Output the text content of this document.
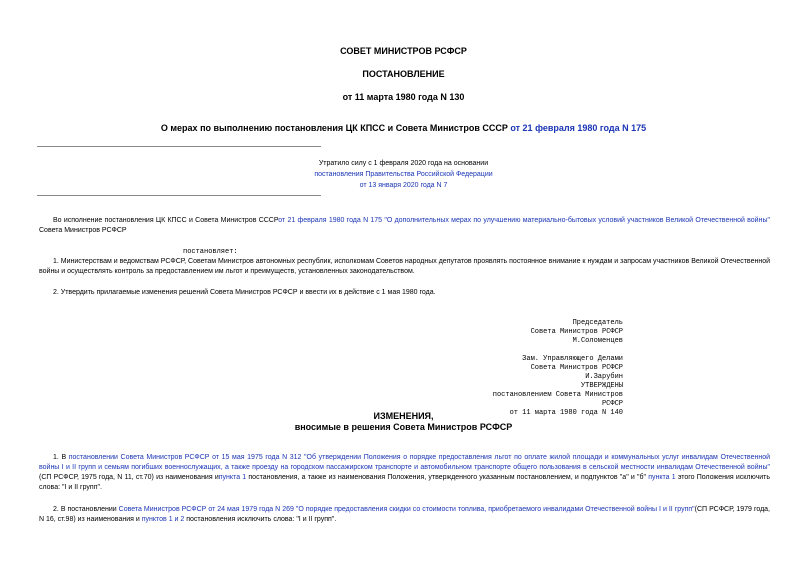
СОВЕТ МИНИСТРОВ РСФСР
ПОСТАНОВЛЕНИЕ
от 11 марта 1980 года N 130
О мерах по выполнению постановления ЦК КПСС и Совета Министров СССР от 21 февраля 1980 года N 175
Утратило силу с 1 февраля 2020 года на основании
постановления Правительства Российской Федерации
от 13 января 2020 года N 7
Во исполнение постановления ЦК КПСС и Совета Министров СССРот 21 февраля 1980 года N 175 "О дополнительных мерах по улучшению материально-бытовых условий участников Великой Отечественной войны" Совета Министров РСФСР
постановляет:
1. Министерствам и ведомствам РСФСР, Советам Министров автономных республик, исполкомам Советов народных депутатов проявлять постоянное внимание к нуждам и запросам участников Великой Отечественной войны и осуществлять контроль за предоставлением им льгот и преимуществ, установленных законодательством.
2. Утвердить прилагаемые изменения решений Совета Министров РСФСР и ввести их в действие с 1 мая 1980 года.
Председатель
Совета Министров РСФСР
М.Соломенцев
Зам. Управляющего Делами
Совета Министров РСФСР
И.Зарубин
УТВЕРЖДЕНЫ
постановлением Совета Министров
РСФСР
от 11 марта 1980 года N 140
ИЗМЕНЕНИЯ,
вносимые в решения Совета Министров РСФСР
1. В постановлении Совета Министров РСФСР от 15 мая 1975 года N 312 "Об утверждении Положения о порядке предоставления льгот по оплате жилой площади и коммунальных услуг инвалидам Отечественной войны I и II групп и семьям погибших военнослужащих, а также проезду на городском пассажирском транспорте и автомобильном транспорте общего пользования в сельской местности инвалидам Отечественной войны" (СП РСФСР, 1975 года, N 11, ст.70) из наименования ипункта 1 постановления, а также из наименования Положения, утвержденного указанным постановлением, и подпунктов "а" и "б" пункта 1 этого Положения исключить слова: "I и II групп".
2. В постановлении Совета Министров РСФСР от 24 мая 1979 года N 269 "О порядке предоставления скидки со стоимости топлива, приобретаемого инвалидами Отечественной войны I и II групп"(СП РСФСР, 1979 года, N 16, ст.98) из наименования и пунктов 1 и 2 постановления исключить слова: "I и II групп".
